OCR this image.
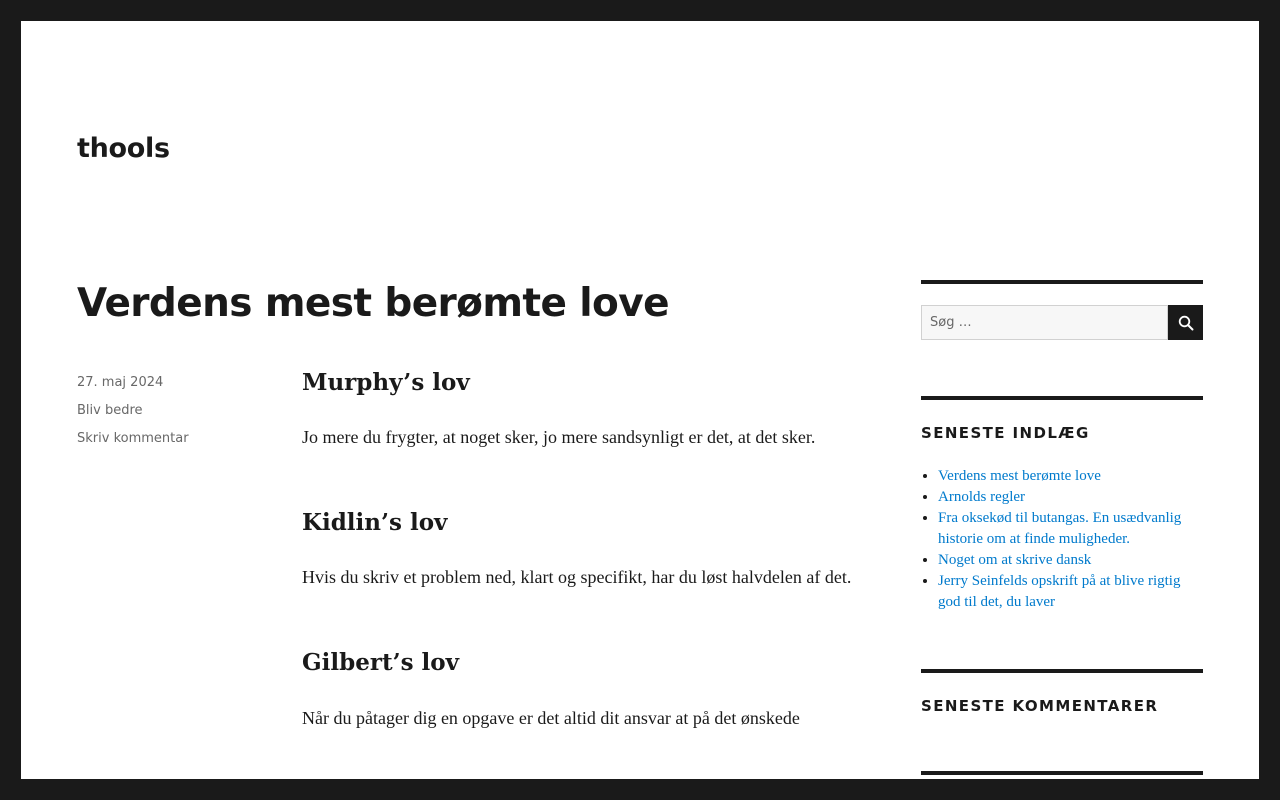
thools
Verdens mest berømte love
27. maj 2024
Bliv bedre
Skriv kommentar
Murphy’s lov

Jo mere du frygter, at noget sker, jo mere sandsynligt er det, at det sker.

Kidlin’s lov

Hvis du skriv et problem ned, klart og specifikt, har du løst halvdelen af det.

Gilbert’s lov

Når du påtager dig en opgave er det altid dit ansvar at på det ønskede

Søg …
SENESTE INDLÆG
• Verdens mest berømte love
• Arnolds regler
• Fra oksekød til butangas. En usædvanlig historie om at finde muligheder.
• Noget om at skrive dansk
• Jerry Seinfelds opskrift på at blive rigtig god til det, du laver
SENESTE KOMMENTARER
